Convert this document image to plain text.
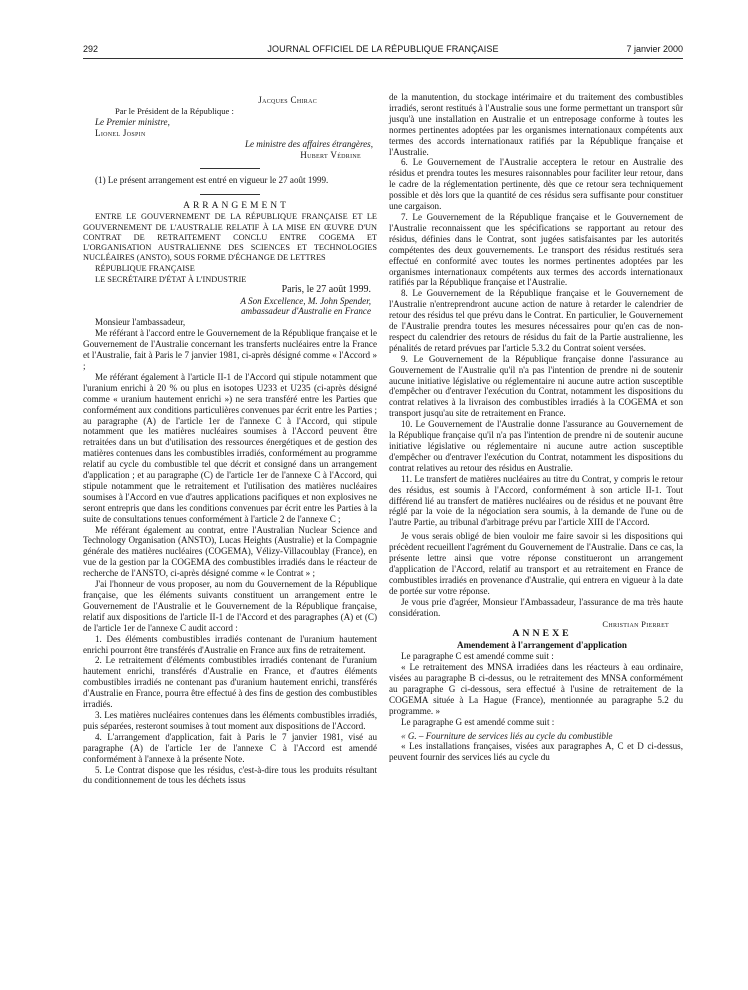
292	JOURNAL OFFICIEL DE LA RÉPUBLIQUE FRANÇAISE	7 janvier 2000

Jacques Chirac

Par le Président de la République :

Le Premier ministre,

Lionel Jospin

Le ministre des affaires étrangères,

Hubert Védrine

(1) Le présent arrangement est entré en vigueur le 27 août 1999.

ARRANGEMENT

ENTRE LE GOUVERNEMENT DE LA RÉPUBLIQUE FRANÇAISE ET LE GOUVERNEMENT DE L'AUSTRALIE RELATIF À LA MISE EN ŒUVRE D'UN CONTRAT DE RETRAITEMENT CONCLU ENTRE COGEMA ET L'ORGANISATION AUSTRALIENNE DES SCIENCES ET TECHNOLOGIES NUCLÉAIRES (ANSTO), SOUS FORME D'ÉCHANGE DE LETTRES

RÉPUBLIQUE FRANÇAISE

LE SECRÉTAIRE D'ÉTAT À L'INDUSTRIE

Paris, le 27 août 1999.

A Son Excellence, M. John Spender,

ambassadeur d'Australie en France

Monsieur l'ambassadeur,

Me référant à l'accord entre le Gouvernement de la République française et le Gouvernement de l'Australie concernant les transferts nucléaires entre la France et l'Australie, fait à Paris le 7 janvier 1981, ci-après désigné comme « l'Accord » ;

Me référant également à l'article II-1 de l'Accord qui stipule notamment que l'uranium enrichi à 20 % ou plus en isotopes U233 et U235 (ci-après désigné comme « uranium hautement enrichi ») ne sera transféré entre les Parties que conformément aux conditions particulières convenues par écrit entre les Parties ; au paragraphe (A) de l'article 1er de l'annexe C à l'Accord, qui stipule notamment que les matières nucléaires soumises à l'Accord peuvent être retraitées dans un but d'utilisation des ressources énergétiques et de gestion des matières contenues dans les combustibles irradiés, conformément au programme relatif au cycle du combustible tel que décrit et consigné dans un arrangement d'application ; et au paragraphe (C) de l'article 1er de l'annexe C à l'Accord, qui stipule notamment que le retraitement et l'utilisation des matières nucléaires soumises à l'Accord en vue d'autres applications pacifiques et non explosives ne seront entrepris que dans les conditions convenues par écrit entre les Parties à la suite de consultations tenues conformément à l'article 2 de l'annexe C ;

Me référant également au contrat, entre l'Australian Nuclear Science and Technology Organisation (ANSTO), Lucas Heights (Australie) et la Compagnie générale des matières nucléaires (COGEMA), Vélizy-Villacoublay (France), en vue de la gestion par la COGEMA des combustibles irradiés dans le réacteur de recherche de l'ANSTO, ci-après désigné comme « le Contrat » ;

J'ai l'honneur de vous proposer, au nom du Gouvernement de la République française, que les éléments suivants constituent un arrangement entre le Gouvernement de l'Australie et le Gouvernement de la République française, relatif aux dispositions de l'article II-1 de l'Accord et des paragraphes (A) et (C) de l'article 1er de l'annexe C audit accord :

1. Des éléments combustibles irradiés contenant de l'uranium hautement enrichi pourront être transférés d'Australie en France aux fins de retraitement.

2. Le retraitement d'éléments combustibles irradiés contenant de l'uranium hautement enrichi, transférés d'Australie en France, et d'autres éléments combustibles irradiés ne contenant pas d'uranium hautement enrichi, transférés d'Australie en France, pourra être effectué à des fins de gestion des combustibles irradiés.

3. Les matières nucléaires contenues dans les éléments combustibles irradiés, puis séparées, resteront soumises à tout moment aux dispositions de l'Accord.

4. L'arrangement d'application, fait à Paris le 7 janvier 1981, visé au paragraphe (A) de l'article 1er de l'annexe C à l'Accord est amendé conformément à l'annexe à la présente Note.

5. Le Contrat dispose que les résidus, c'est-à-dire tous les produits résultant du conditionnement de tous les déchets issus

de la manutention, du stockage intérimaire et du traitement des combustibles irradiés, seront restitués à l'Australie sous une forme permettant un transport sûr jusqu'à une installation en Australie et un entreposage conforme à toutes les normes pertinentes adoptées par les organismes internationaux compétents aux termes des accords internationaux ratifiés par la République française et l'Australie.

6. Le Gouvernement de l'Australie acceptera le retour en Australie des résidus et prendra toutes les mesures raisonnables pour faciliter leur retour, dans le cadre de la réglementation pertinente, dès que ce retour sera techniquement possible et dès lors que la quantité de ces résidus sera suffisante pour constituer une cargaison.

7. Le Gouvernement de la République française et le Gouvernement de l'Australie reconnaissent que les spécifications se rapportant au retour des résidus, définies dans le Contrat, sont jugées satisfaisantes par les autorités compétentes des deux gouvernements. Le transport des résidus restitués sera effectué en conformité avec toutes les normes pertinentes adoptées par les organismes internationaux compétents aux termes des accords internationaux ratifiés par la République française et l'Australie.

8. Le Gouvernement de la République française et le Gouvernement de l'Australie n'entreprendront aucune action de nature à retarder le calendrier de retour des résidus tel que prévu dans le Contrat. En particulier, le Gouvernement de l'Australie prendra toutes les mesures nécessaires pour qu'en cas de non-respect du calendrier des retours de résidus du fait de la Partie australienne, les pénalités de retard prévues par l'article 5.3.2 du Contrat soient versées.

9. Le Gouvernement de la République française donne l'assurance au Gouvernement de l'Australie qu'il n'a pas l'intention de prendre ni de soutenir aucune initiative législative ou réglementaire ni aucune autre action susceptible d'empêcher ou d'entraver l'exécution du Contrat, notamment les dispositions du contrat relatives à la livraison des combustibles irradiés à la COGEMA et son transport jusqu'au site de retraitement en France.

10. Le Gouvernement de l'Australie donne l'assurance au Gouvernement de la République française qu'il n'a pas l'intention de prendre ni de soutenir aucune initiative législative ou réglementaire ni aucune autre action susceptible d'empêcher ou d'entraver l'exécution du Contrat, notamment les dispositions du contrat relatives au retour des résidus en Australie.

11. Le transfert de matières nucléaires au titre du Contrat, y compris le retour des résidus, est soumis à l'Accord, conformément à son article II-1. Tout différend lié au transfert de matières nucléaires ou de résidus et ne pouvant être réglé par la voie de la négociation sera soumis, à la demande de l'une ou de l'autre Partie, au tribunal d'arbitrage prévu par l'article XIII de l'Accord.

Je vous serais obligé de bien vouloir me faire savoir si les dispositions qui précèdent recueillent l'agrément du Gouvernement de l'Australie. Dans ce cas, la présente lettre ainsi que votre réponse constitueront un arrangement d'application de l'Accord, relatif au transport et au retraitement en France de combustibles irradiés en provenance d'Australie, qui entrera en vigueur à la date de portée sur votre réponse.

Je vous prie d'agréer, Monsieur l'Ambassadeur, l'assurance de ma très haute considération.

Christian Pierret

ANNEXE

Amendement à l'arrangement d'application

Le paragraphe C est amendé comme suit :

« Le retraitement des MNSA irradiées dans les réacteurs à eau ordinaire, visées au paragraphe B ci-dessus, ou le retraitement des MNSA conformément au paragraphe G ci-dessous, sera effectué à l'usine de retraitement de la COGEMA située à La Hague (France), mentionnée au paragraphe 5.2 du programme. »

Le paragraphe G est amendé comme suit :

« G. – Fourniture de services liés au cycle du combustible

« Les installations françaises, visées aux paragraphes A, C et D ci-dessus, peuvent fournir des services liés au cycle du
